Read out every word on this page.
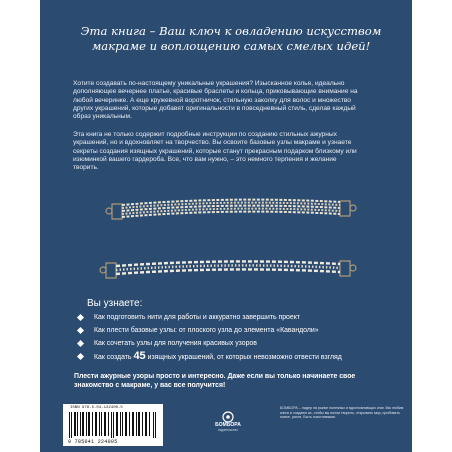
Эта книга – Ваш ключ к овладению искусством макраме и воплощению самых смелых идей!
Хотите создавать по-настоящему уникальные украшения? Изысканное колье, идеально дополняющее вечернее платье, красивые браслеты и кольца, приковывающие внимание на любой вечеринке. А еще кружевной воротничок, стильную заколку для волос и множество других украшений, которые добавят оригинальности в повседневный стиль, сделав каждый образ уникальным.
Эта книга не только содержит подробные инструкции по созданию стильных ажурных украшений, но и вдохновляет на творчество. Вы освоите базовые узлы макраме и узнаете секреты создания изящных украшений, которые станут прекрасным подарком близкому или изюминкой вашего гардероба. Все, что вам нужно, – это немного терпения и желание творить.
Вы узнаете:
Как подготовить нити для работы и аккуратно завершить проект
Как плести базовые узлы: от плоского узла до элемента «Кавандоли»
Как сочетать узлы для получения красивых узоров
Как создать 45 изящных украшений, от которых невозможно отвести взгляд
Плести ажурные узоры просто и интересно. Даже если вы только начинаете свое знакомство с макраме, у вас все получится!
ISBN 978-5-04-122400-5
9 785041 224005
БОМБОРА
издательство
БОМБОРА – лидер на рынке полезных и вдохновляющих книг. Мы любим книги и создаем их, чтобы вы могли творить, открывать мир, пробовать новое, расти. Быть счастливыми.
